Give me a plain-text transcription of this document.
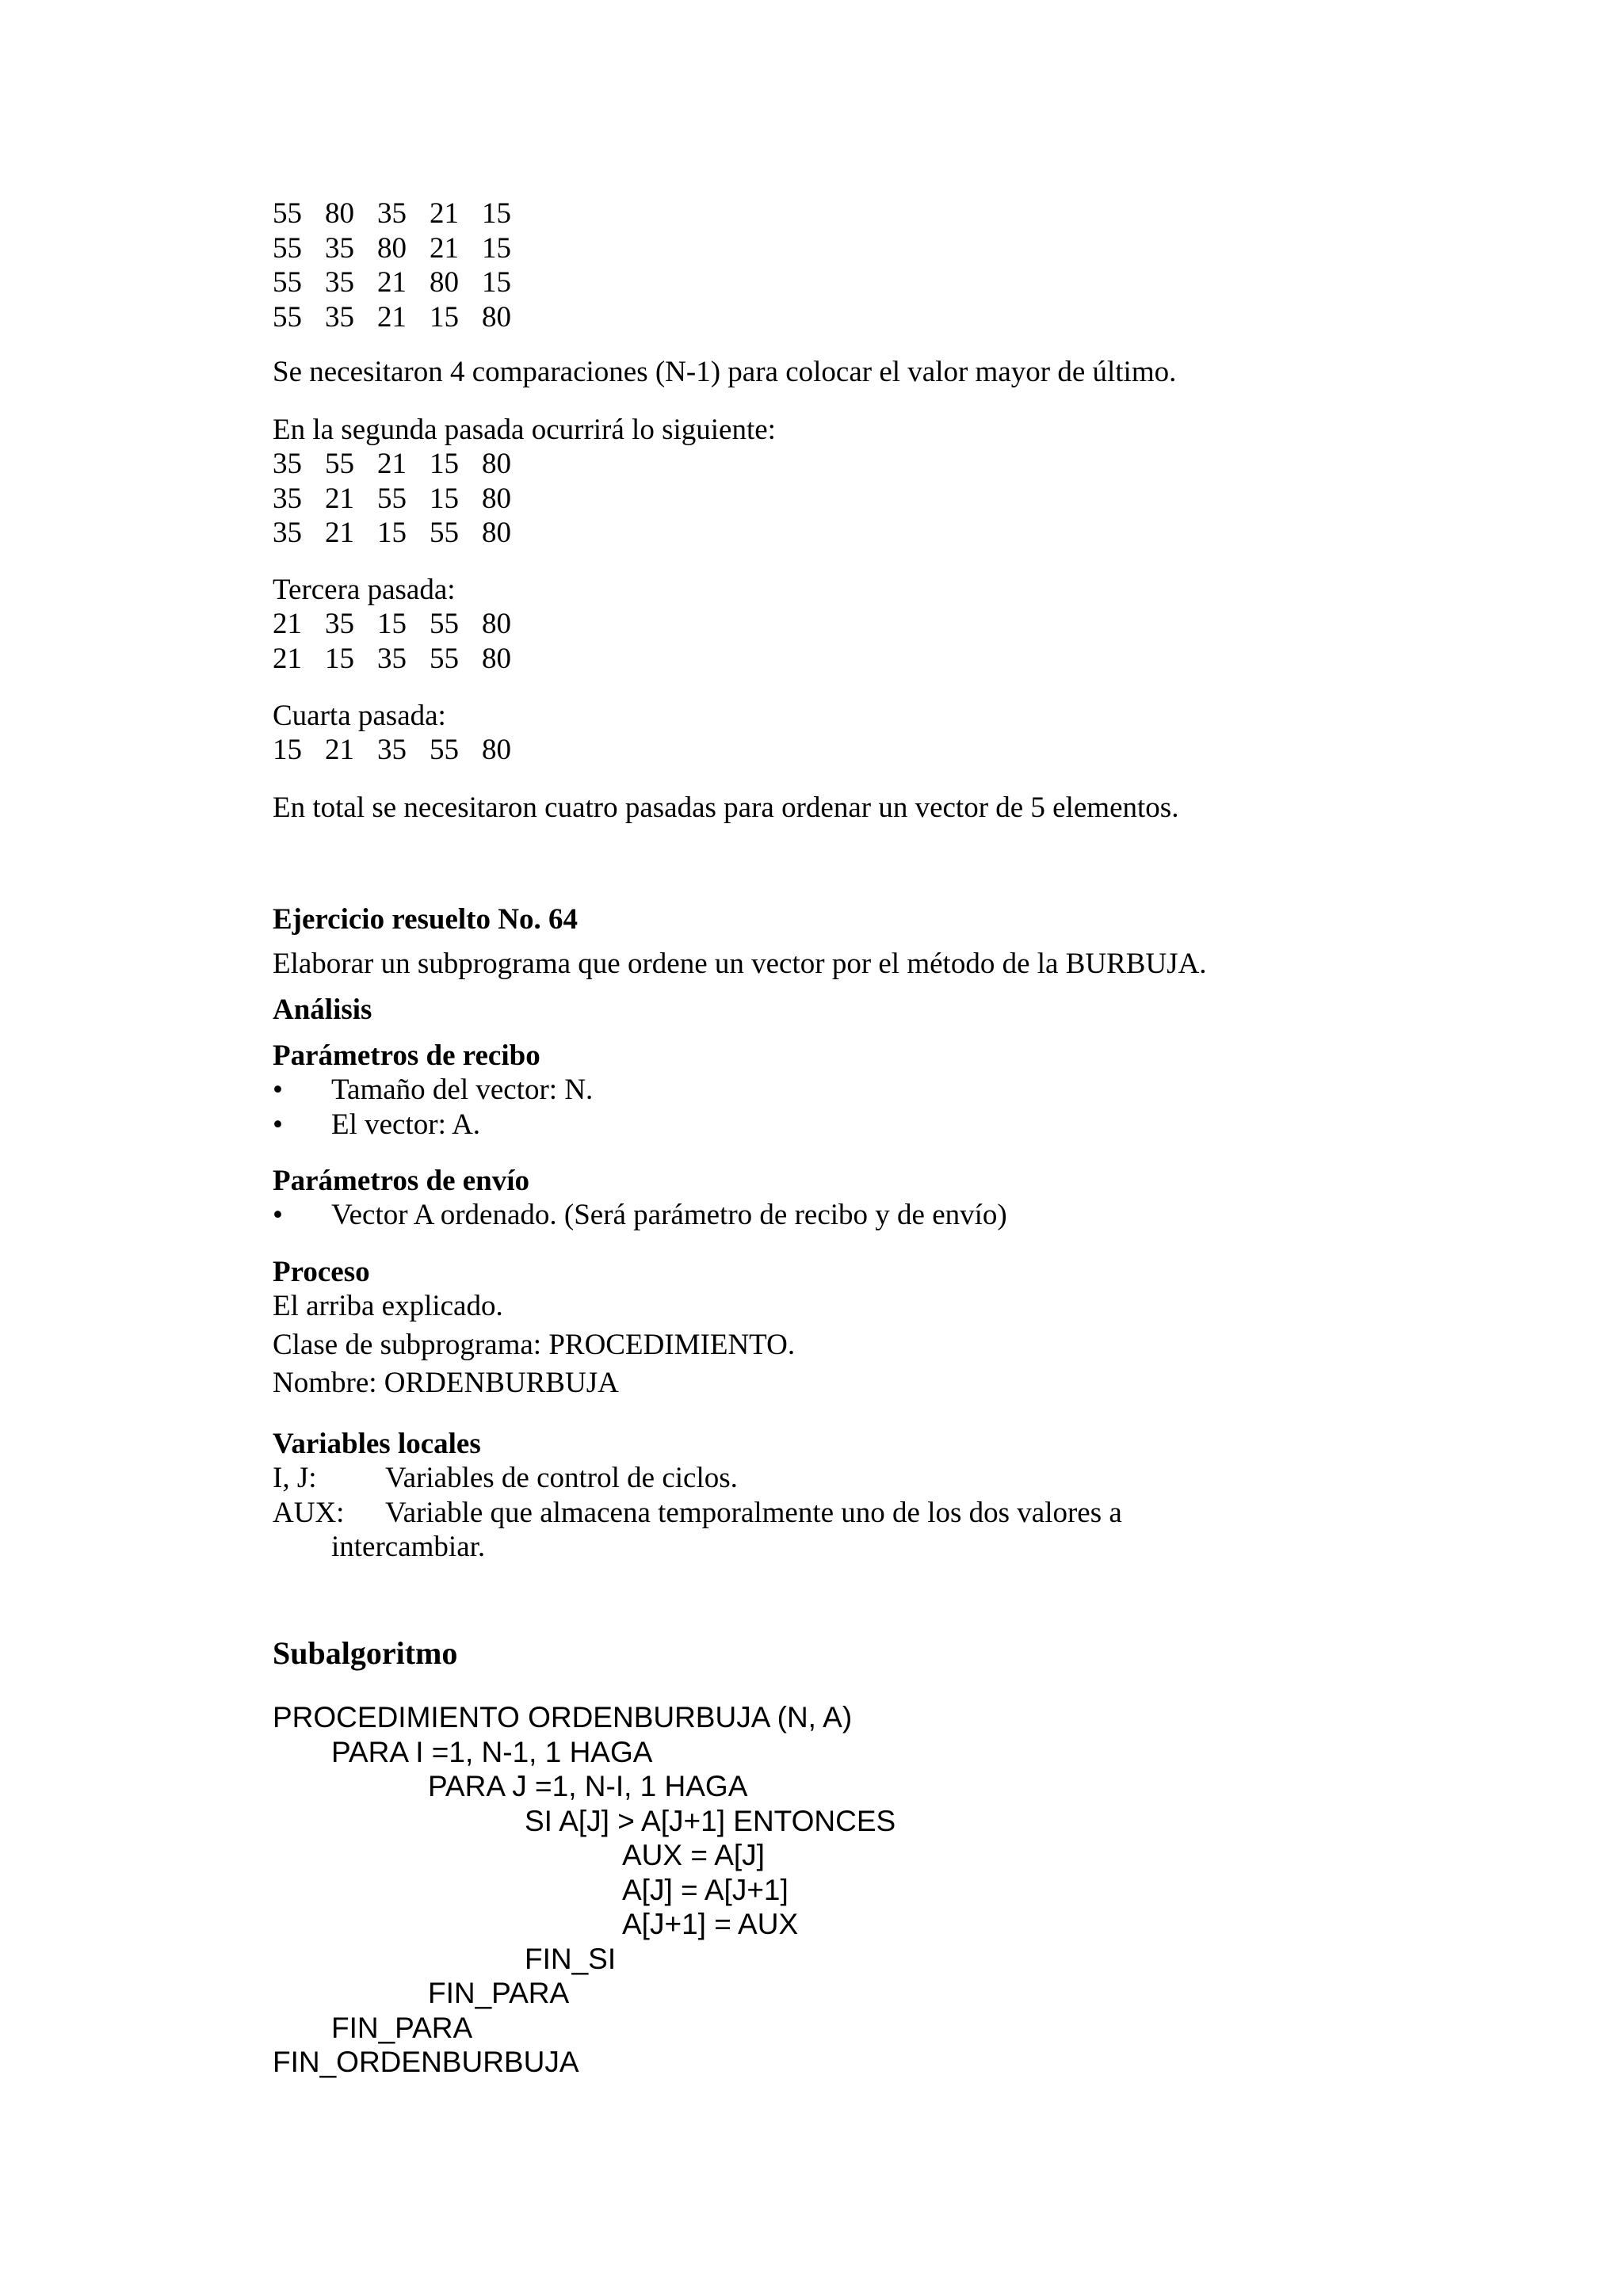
55 80 35 21 15
55 35 80 21 15
55 35 21 80 15
55 35 21 15 80
Se necesitaron 4 comparaciones (N-1) para colocar el valor mayor de último.
En la segunda pasada ocurrirá lo siguiente:
35 55 21 15 80
35 21 55 15 80
35 21 15 55 80
Tercera pasada:
21 35 15 55 80
21 15 35 55 80
Cuarta pasada:
15 21 35 55 80
En total se necesitaron cuatro pasadas para ordenar un vector de 5 elementos.
Ejercicio resuelto No. 64
Elaborar un subprograma que ordene un vector por el método de la BURBUJA.
Análisis
Parámetros de recibo
• Tamaño del vector: N.
• El vector: A.
Parámetros de envío
• Vector A ordenado. (Será parámetro de recibo y de envío)
Proceso
El arriba explicado.
Clase de subprograma: PROCEDIMIENTO.
Nombre: ORDENBURBUJA
Variables locales
I, J: Variables de control de ciclos.
AUX: Variable que almacena temporalmente uno de los dos valores a
intercambiar.
Subalgoritmo
PROCEDIMIENTO ORDENBURBUJA (N, A)
PARA I =1, N-1, 1 HAGA
PARA J =1, N-I, 1 HAGA
SI A[J] > A[J+1] ENTONCES
AUX = A[J]
A[J] = A[J+1]
A[J+1] = AUX
FIN_SI
FIN_PARA
FIN_PARA
FIN_ORDENBURBUJA
